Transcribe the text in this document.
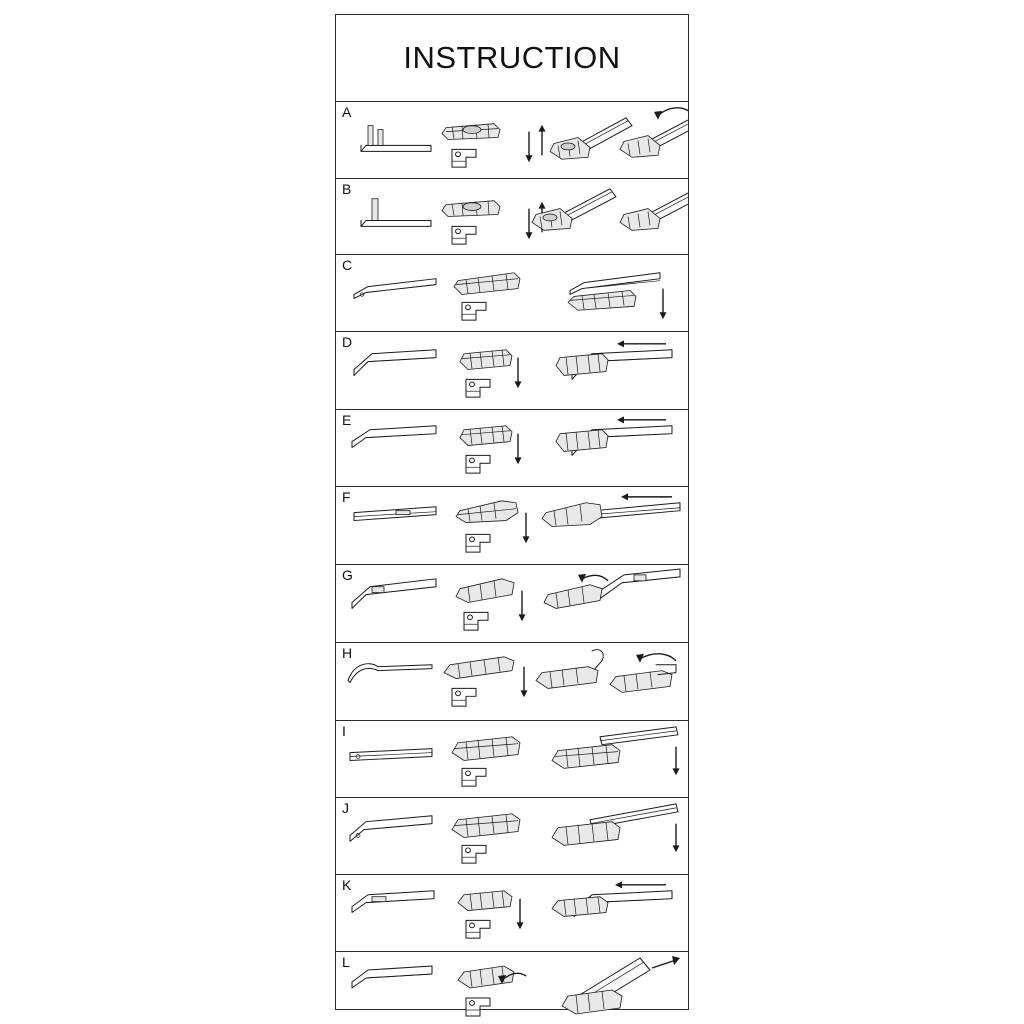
INSTRUCTION
A
B
C
D
E
F
G
H
I
J
K
L
